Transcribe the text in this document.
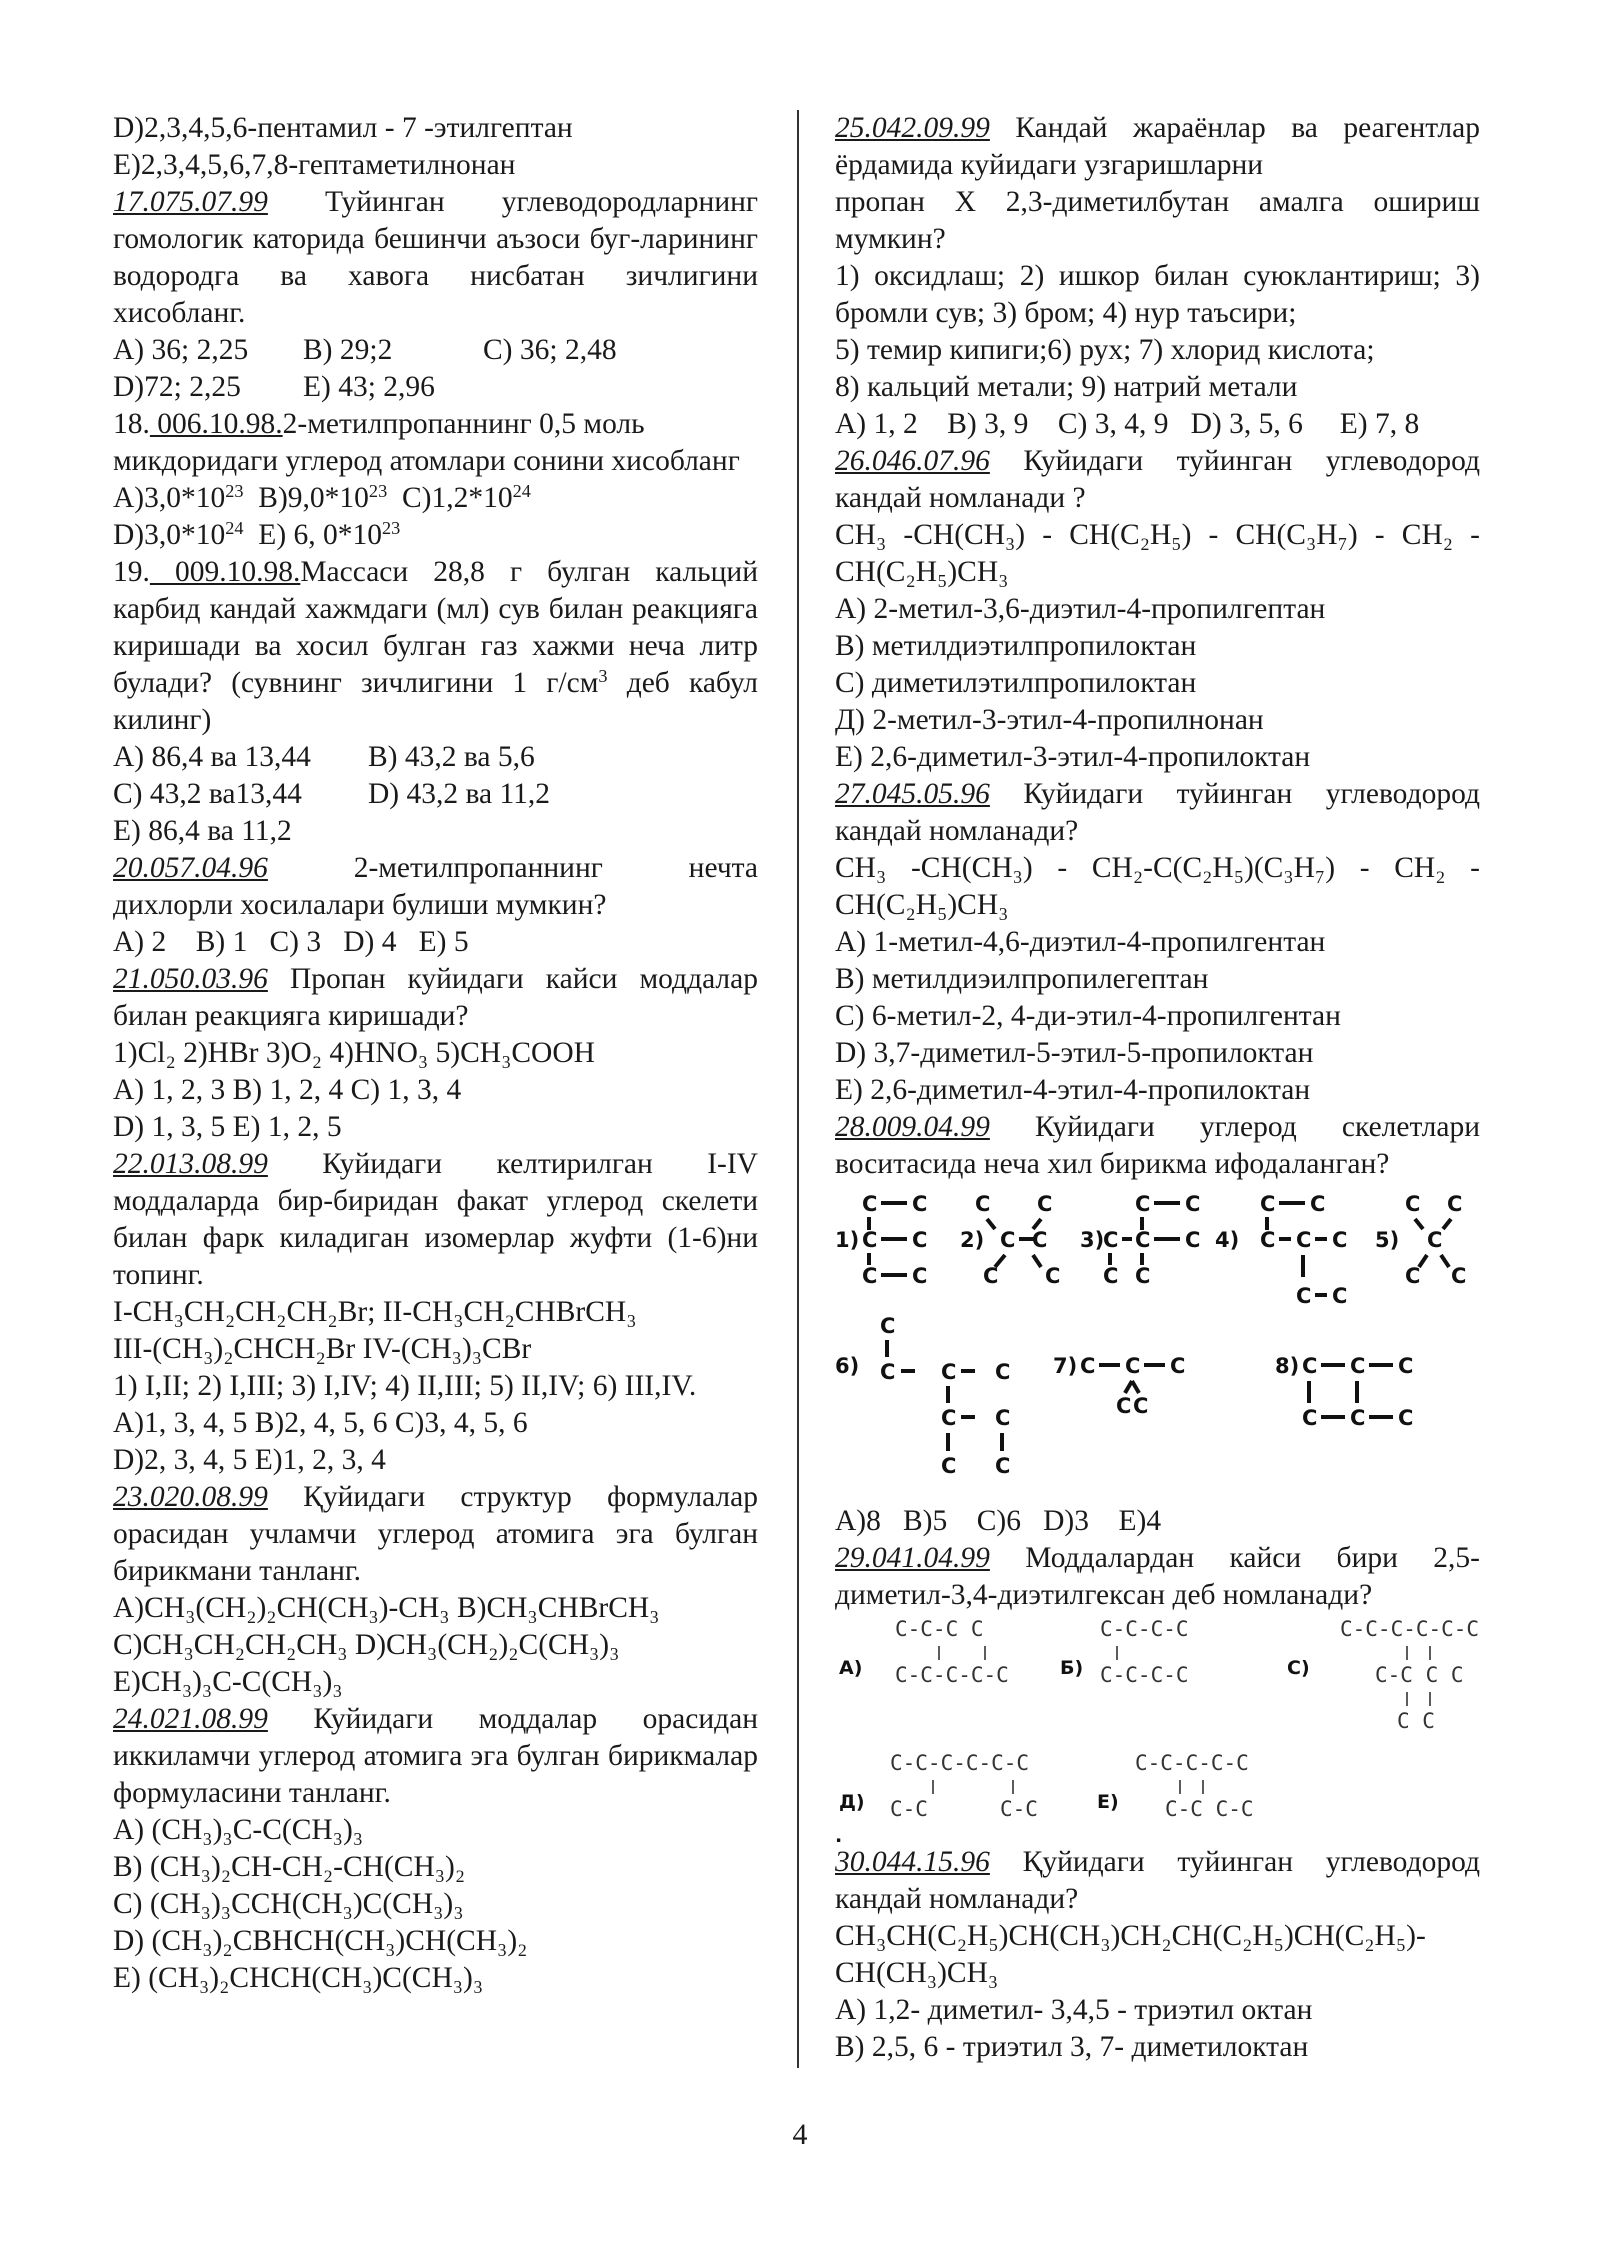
D)2,3,4,5,6-пентамил - 7 -этилгептан

E)2,3,4,5,6,7,8-гептаметилнонан

17.075.07.99 Туйинган углеводородларнинг гомологик каторида бешинчи аъзоси буг-ларининг водородга ва хавога нисбатан зичлигини хисобланг.

A) 36; 2,25 B) 29;2	C) 36; 2,48

D)72; 2,25 E) 43; 2,96

18. 006.10.98.2-метилпропаннинг 0,5 моль микдоридаги углерод атомлари сонини хисобланг

$A)3,0*10^{23}$ $B)9,0*10^{23}$ $C)1,2*10^{24}$

$D)3,0*10^{24}$ E) 6, $0*10^{23}$

19. 009.10.98.Массаси 28,8 г булган кальций карбид кандай хажмдаги (мл) сув билан реакцияга киришади ва хосил булган газ хажми неча литр булади? (сувнинг зичлигини 1 $г/см^3$ деб кабул килинг)

A) 86,4 ва 13,44 B) 43,2 ва 5,6

C) 43,2 ва13,44 D) 43,2 ва 11,2

E) 86,4 ва 11,2

20.057.04.96      2-метилпропаннинг      нечта дихлорли хосилалари булиши мумкин?

A) 2    B) 1   C) 3   D) 4   E) 5

21.050.03.96 Пропан куйидаги кайси моддалар билан реакцияга киришади?

1)Cl₂ 2)HBr 3)O₂ 4)HNO₃ 5)CH₃COOH

A) 1, 2, 3 B) 1, 2, 4 C) 1, 3, 4

D) 1, 3, 5 E) 1, 2, 5

22.013.08.99 Куйидаги келтирилган I-IV моддаларда бир-биридан факат углерод скелети билан фарк киладиган изомерлар жуфти (1-6)ни топинг.

I-CH₃CH₂CH₂CH₂Br; II-CH₃CH₂CHBrCH₃

III-(CH₃)₂CHCH₂Br IV-(CH₃)₃CBr

1) I,II; 2) I,III; 3) I,IV; 4) II,III; 5) II,IV; 6) III,IV.

A)1, 3, 4, 5 B)2, 4, 5, 6 C)3, 4, 5, 6

D)2, 3, 4, 5 E)1, 2, 3, 4

23.020.08.99 Қуйидаги структур формулалар орасидан учламчи углерод атомига эга булган бирикмани танланг.

A)CH₃(CH₂)₂CH(CH₃)-CH₃ B)CH₃CHBrCH₃

C)CH₃CH₂CH₂CH₃ D)CH₃(CH₂)₂C(CH₃)₃

E)CH₃)₃C-C(CH₃)₃

24.021.08.99 Куйидаги моддалар орасидан иккиламчи углерод атомига эга булган бирикмалар формуласини танланг.

A) (CH₃)₃C-C(CH₃)₃

B) (CH₃)₂CH-CH₂-CH(CH₃)₂

C) (CH₃)₃CCH(CH₃)C(CH₃)₃

D) (CH₃)₂CBHCH(CH₃)CH(CH₃)₂

E) (CH₃)₂CHCH(CH₃)C(CH₃)₃

25.042.09.99 Кандай жараёнлар ва реагентлар ёрдамида куйидаги узгаришларни

пропан X 2,3-диметилбутан амалга ошириш мумкин?

1) оксидлаш; 2) ишкор билан суюклантириш; 3) бромли сув; 3) бром; 4) нур таъсири;

5) темир кипиги;6) рух; 7) хлорид кислота;

8) кальций метали; 9) натрий метали

A) 1, 2    B) 3, 9    C) 3, 4, 9   D) 3, 5, 6     E) 7, 8

26.046.07.96 Куйидаги туйинган углеводород кандай номланади ?

CH₃ -CH(CH₃) - CH(C₂H₅) - CH(C₃H₇) - CH₂ - CH(C₂H₅)CH₃

A) 2-метил-3,6-диэтил-4-пропилгептан

B) метилдиэтилпропилоктан

C) диметилэтилпропилоктан

Д) 2-метил-3-этил-4-пропилнонан

E) 2,6-диметил-3-этил-4-пропилоктан

27.045.05.96 Куйидаги туйинган углеводород кандай номланади?

CH₃ -CH(CH₃) - CH₂-C(C₂H₅)(C₃H₇) - CH₂ - CH(C₂H₅)CH₃

A) 1-метил-4,6-диэтил-4-пропилгентан

B) метилдиэилпропилегептан

C) 6-метил-2, 4-ди-этил-4-пропилгентан

D) 3,7-диметил-5-этил-5-пропилоктан

E) 2,6-диметил-4-этил-4-пропилоктан

28.009.04.99 Куйидаги углерод скелетлари воситасида неча хил бирикма ифодаланган?

1)
C C
C C
C C
2)
C C
C C
C C
3)
C C
C C C
C C
4)
C C
C C C
C C
5)
C C
C
C C
6)
C
C C C
C C
C C
7) C C C
C C
8) C C C
C C C

A)8   B)5    C)6   D)3    E)4

29.041.04.99 Моддалардан кайси бири 2,5-диметил-3,4-диэтилгексан деб номланади?

A)
C-C-C C
C-C-C-C-C	Б)
C-C-C-C
C-C-C-C	C)
C-C-C-C-C-C
C-C C C
C C
Д)
C-C-C-C-C-C
C-C	C-C	E)
C-C-C-C-C
C-C C-C
.

30.044.15.96 Қуйидаги туйинган углеводород кандай номланади?

CH₃CH(C₂H₅)CH(CH₃)CH₂CH(C₂H₅)CH(C₂H₅)-CH(CH₃)CH₃

A) 1,2- диметил- 3,4,5 - триэтил октан

B) 2,5, 6 - триэтил 3, 7- диметилоктан

4
